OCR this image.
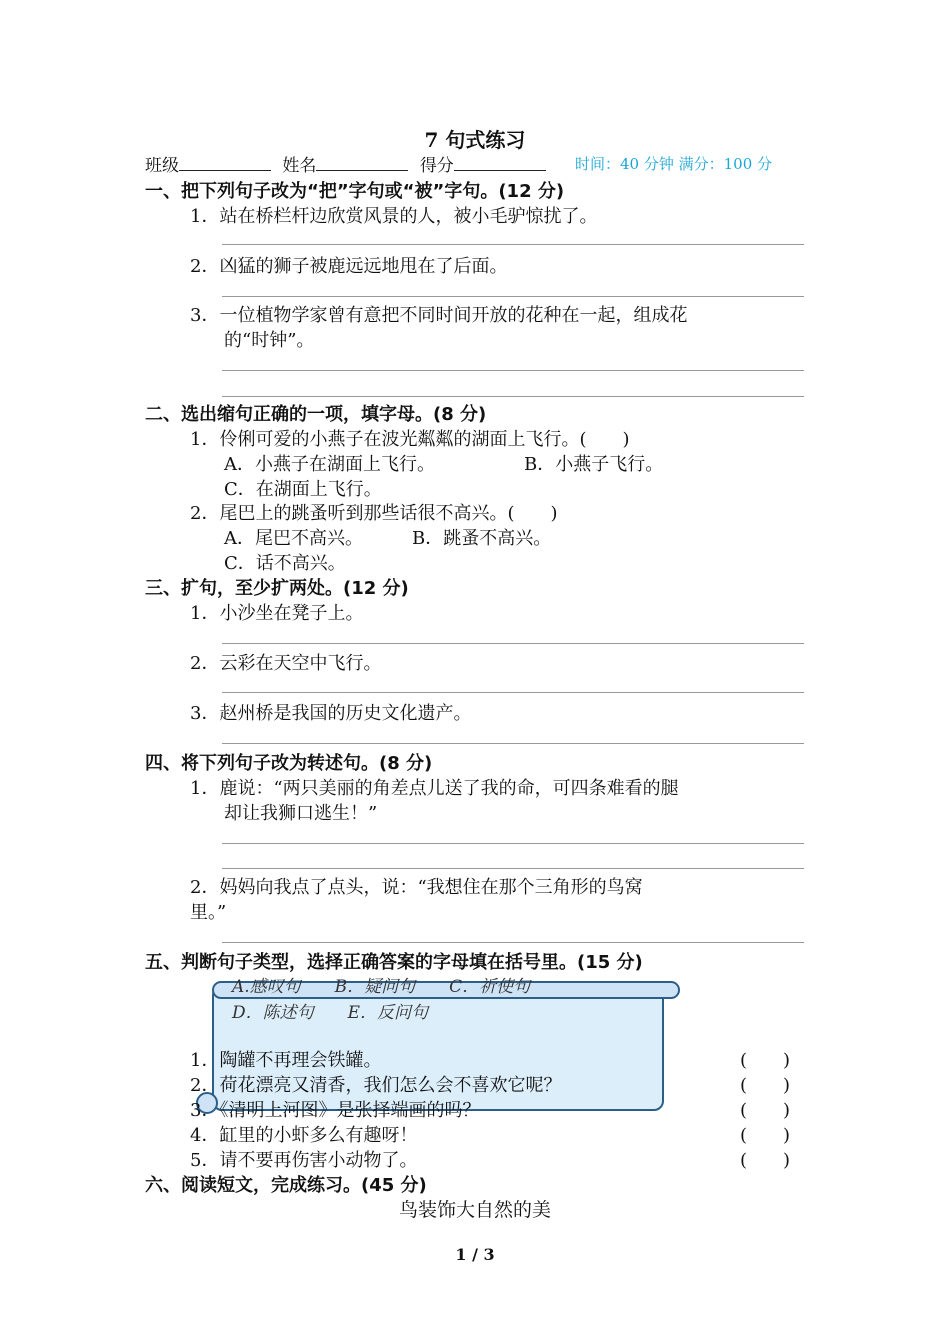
7 句式练习
班级	姓名	得分	时间：40 分钟 满分：100 分
一、把下列句子改为“把”字句或“被”字句。(12 分)
1．站在桥栏杆边欣赏风景的人，被小毛驴惊扰了。
2．凶猛的狮子被鹿远远地甩在了后面。
3．一位植物学家曾有意把不同时间开放的花种在一起，组成花
的“时钟”。
二、选出缩句正确的一项，填字母。(8 分)
1．伶俐可爱的小燕子在波光粼粼的湖面上飞行。(　　)
A．小燕子在湖面上飞行。	B．小燕子飞行。
C．在湖面上飞行。
2．尾巴上的跳蚤听到那些话很不高兴。(　　)
A．尾巴不高兴。	B．跳蚤不高兴。
C．话不高兴。
三、扩句，至少扩两处。(12 分)
1．小沙坐在凳子上。
2．云彩在天空中飞行。
3．赵州桥是我国的历史文化遗产。
四、将下列句子改为转述句。(8 分)
1．鹿说：“两只美丽的角差点儿送了我的命，可四条难看的腿
却让我狮口逃生！”
2．妈妈向我点了点头，说：“我想住在那个三角形的鸟窝
里。”
五、判断句子类型，选择正确答案的字母填在括号里。(15 分)
A.感叹句　　B．疑问句　　C．祈使句
D．陈述句　　E．反问句
1．陶罐不再理会铁罐。	(　　)
2．荷花漂亮又清香，我们怎么会不喜欢它呢？	(　　)
3．《清明上河图》是张择端画的吗？	(　　)
4．缸里的小虾多么有趣呀！	(　　)
5．请不要再伤害小动物了。	(　　)
六、阅读短文，完成练习。(45 分)
鸟装饰大自然的美
1 / 3
